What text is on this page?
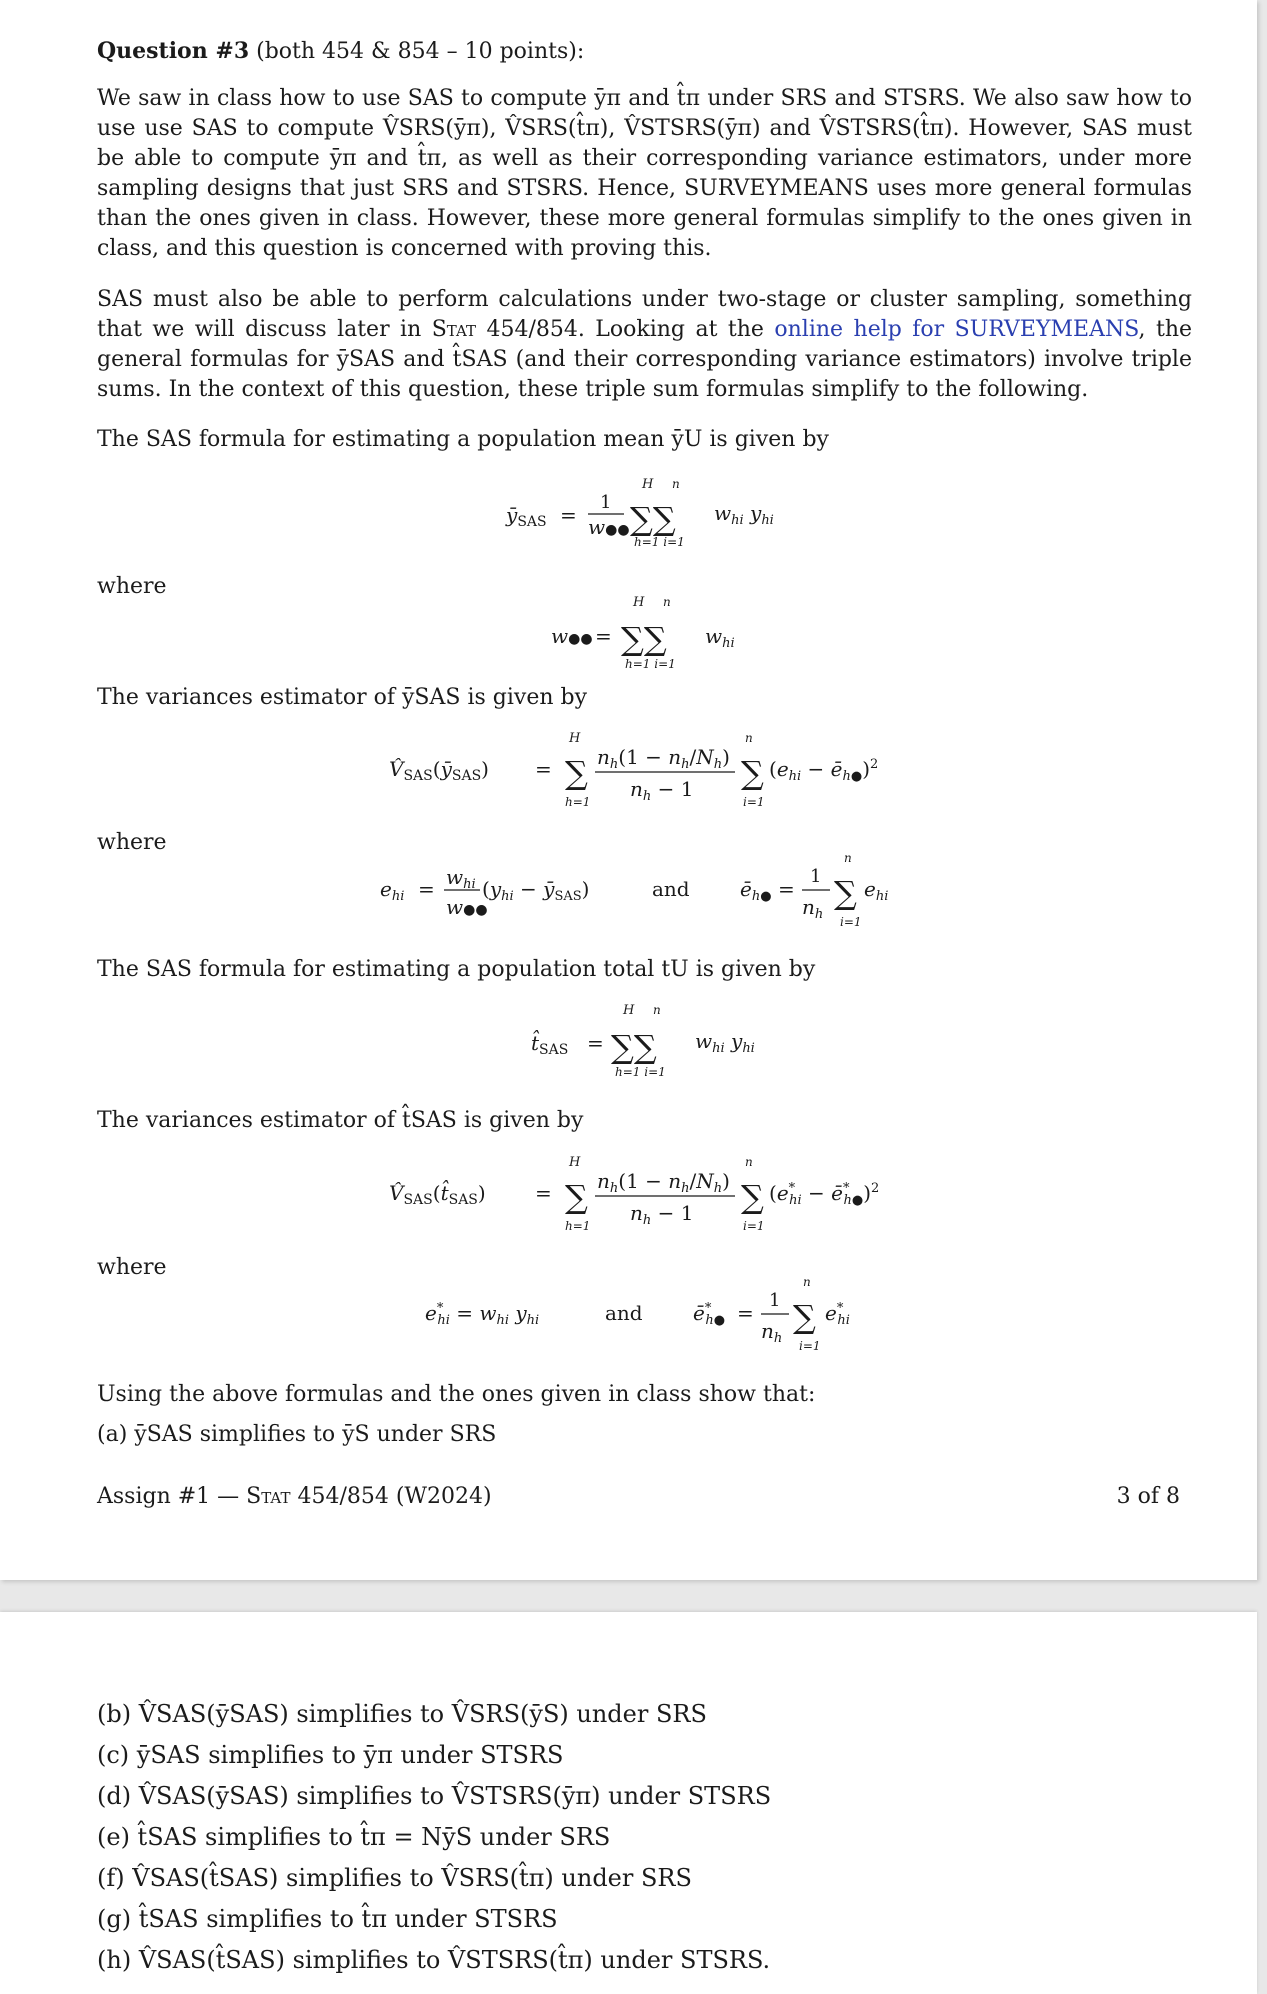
Question #3 (both 454 & 854 – 10 points):
We saw in class how to use SAS to compute ȳπ and t̂π under SRS and STSRS. We also saw how to use use SAS to compute V̂SRS(ȳπ), V̂SRS(t̂π), V̂STSRS(ȳπ) and V̂STSRS(t̂π). However, SAS must be able to compute ȳπ and t̂π, as well as their corresponding variance estimators, under more sampling designs that just SRS and STSRS. Hence, SURVEYMEANS uses more general formulas than the ones given in class. However, these more general formulas simplify to the ones given in class, and this question is concerned with proving this.
SAS must also be able to perform calculations under two-stage or cluster sampling, something that we will discuss later in Stat 454/854. Looking at the online help for SURVEYMEANS, the general formulas for ȳSAS and t̂SAS (and their corresponding variance estimators) involve triple sums. In the context of this question, these triple sum formulas simplify to the following.
The SAS formula for estimating a population mean ȳU is given by
$ȳ_{SAS}$ =
1
w●● ∑∑
H n
h=1 i=1
$w_{hi}$ $y_{hi}$
where
w●● = ∑∑
H n
h=1 i=1
$w_{hi}$
The variances estimator of ȳSAS is given by
$V̂_{SAS}(ȳ_{SAS})$ = ∑
H
h=1
$n_h(1 - n_h/N_h)$
$n_h - 1$ ∑
n
i=1
($e_{hi}$ − $ē_{h●})^2$
where
$e_{hi} = w_{hi}$
w●●
($y_{hi}$ − $ȳ_{SAS}$)	and	$ē_{h●}$ =
1
$n_h$
∑
n
i=1
$e_{hi}$
The SAS formula for estimating a population total tU is given by
$t̂_{SAS}$ = ∑∑
H n
h=1 i=1
$w_{hi}$ $y_{hi}$
The variances estimator of t̂SAS is given by
$V̂_{SAS}(t̂_{SAS})$ = ∑
H
h=1
$n_h(1 - n_h/N_h)$
$n_h - 1$ ∑
n
i=1
(e* hi − ē* h●)$^2$
where
e* hi = $w_{hi}$ $y_{hi}$	and	ē* h● =
1
$n_h$
∑
n
i=1
e* hi
Using the above formulas and the ones given in class show that:
(a) ȳSAS simplifies to ȳS under SRS
Assign #1 — Stat 454/854 (W2024)	3 of 8
(b) V̂SAS(ȳSAS) simplifies to V̂SRS(ȳS) under SRS
(c) ȳSAS simplifies to ȳπ under STSRS
(d) V̂SAS(ȳSAS) simplifies to V̂STSRS(ȳπ) under STSRS
(e) t̂SAS simplifies to t̂π = NȳS under SRS
(f) V̂SAS(t̂SAS) simplifies to V̂SRS(t̂π) under SRS
(g) t̂SAS simplifies to t̂π under STSRS
(h) V̂SAS(t̂SAS) simplifies to V̂STSRS(t̂π) under STSRS.
